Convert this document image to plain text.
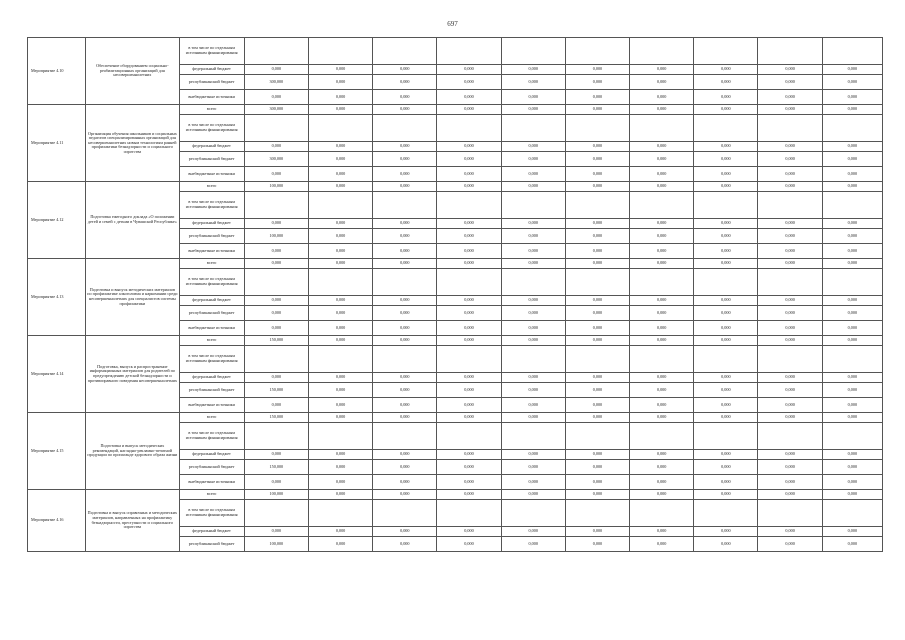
697
Мероприятие 4.10	Обеспечение оборудованием социально-реабилитационных организаций для несовершеннолетних	в том числе по отдельным источникам финансирования										
		федеральный бюджет	0,000	0,000	0,000	0,000	0,000	0,000	0,000	0,000	0,000	0,000
		республиканский бюджет	300,000	0,000	0,000	0,000	0,000	0,000	0,000	0,000	0,000	0,000
		внебюджетные источники	0,000	0,000	0,000	0,000	0,000	0,000	0,000	0,000	0,000	0,000
Мероприятие 4.11	Организация обучения школьников и социальных педагогов специализированных организаций для несовершеннолетних новым технологиям ранней профилактики безнадзорности и социального сиротства	всего	300,000	0,000	0,000	0,000	0,000	0,000	0,000	0,000	0,000	0,000
		в том числе по отдельным источникам финансирования										
		федеральный бюджет	0,000	0,000	0,000	0,000	0,000	0,000	0,000	0,000	0,000	0,000
		республиканский бюджет	300,000	0,000	0,000	0,000	0,000	0,000	0,000	0,000	0,000	0,000
		внебюджетные источники	0,000	0,000	0,000	0,000	0,000	0,000	0,000	0,000	0,000	0,000
Мероприятие 4.12	Подготовка ежегодного доклада «О положении детей и семей с детьми в Чувашской Республике»	всего	100,000	0,000	0,000	0,000	0,000	0,000	0,000	0,000	0,000	0,000
		в том числе по отдельным источникам финансирования										
		федеральный бюджет	0,000	0,000	0,000	0,000	0,000	0,000	0,000	0,000	0,000	0,000
		республиканский бюджет	100,000	0,000	0,000	0,000	0,000	0,000	0,000	0,000	0,000	0,000
		внебюджетные источники	0,000	0,000	0,000	0,000	0,000	0,000	0,000	0,000	0,000	0,000
Мероприятие 4.13	Подготовка и выпуск методических материалов по профилактике алкоголизма и наркомании среди несовершеннолетних для специалистов системы профилактики	всего	0,000	0,000	0,000	0,000	0,000	0,000	0,000	0,000	0,000	0,000
		в том числе по отдельным источникам финансирования										
		федеральный бюджет	0,000	0,000	0,000	0,000	0,000	0,000	0,000	0,000	0,000	0,000
		республиканский бюджет	0,000	0,000	0,000	0,000	0,000	0,000	0,000	0,000	0,000	0,000
		внебюджетные источники	0,000	0,000	0,000	0,000	0,000	0,000	0,000	0,000	0,000	0,000
Мероприятие 4.14	Подготовка, выпуск и распространение информационных материалов для родителей по предупреждению детской безнадзорности и противоправного поведения несовершеннолетних	всего	150,000	0,000	0,000	0,000	0,000	0,000	0,000	0,000	0,000	0,000
		в том числе по отдельным источникам финансирования										
		федеральный бюджет	0,000	0,000	0,000	0,000	0,000	0,000	0,000	0,000	0,000	0,000
		республиканский бюджет	150,000	0,000	0,000	0,000	0,000	0,000	0,000	0,000	0,000	0,000
		внебюджетные источники	0,000	0,000	0,000	0,000	0,000	0,000	0,000	0,000	0,000	0,000
Мероприятие 4.15	Подготовка и выпуск методических рекомендаций, наглядно-рекламно-печатной продукции по пропаганде здорового образа жизни	всего	150,000	0,000	0,000	0,000	0,000	0,000	0,000	0,000	0,000	0,000
		в том числе по отдельным источникам финансирования										
		федеральный бюджет	0,000	0,000	0,000	0,000	0,000	0,000	0,000	0,000	0,000	0,000
		республиканский бюджет	150,000	0,000	0,000	0,000	0,000	0,000	0,000	0,000	0,000	0,000
		внебюджетные источники	0,000	0,000	0,000	0,000	0,000	0,000	0,000	0,000	0,000	0,000
Мероприятие 4.16	Подготовка и выпуск справочных и методических материалов, направленных на профилактику безнадзорности, преступности и социального сиротства	всего	100,000	0,000	0,000	0,000	0,000	0,000	0,000	0,000	0,000	0,000
		в том числе по отдельным источникам финансирования										
		федеральный бюджет	0,000	0,000	0,000	0,000	0,000	0,000	0,000	0,000	0,000	0,000
		республиканский бюджет	100,000	0,000	0,000	0,000	0,000	0,000	0,000	0,000	0,000	0,000
